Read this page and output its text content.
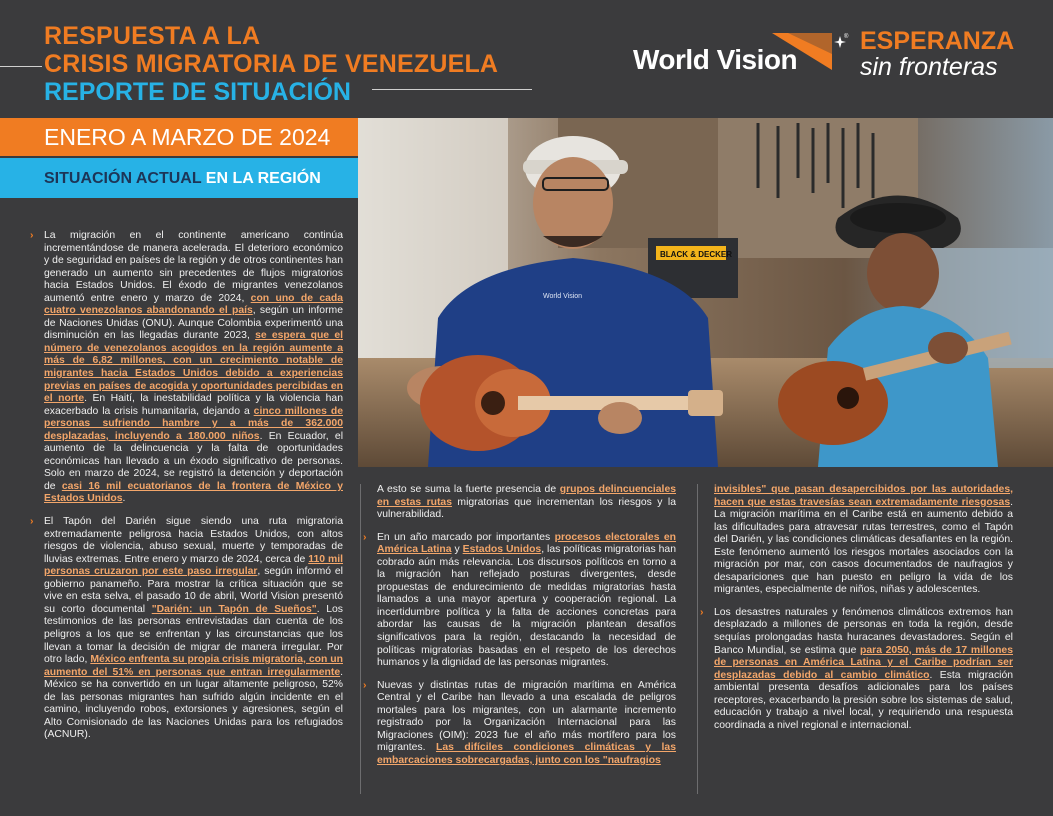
RESPUESTA A LA
CRISIS MIGRATORIA DE VENEZUELA
REPORTE DE SITUACIÓN
World Vision
® ESPERANZA
sin fronteras
ENERO A MARZO DE 2024
SITUACIÓN ACTUAL EN LA REGIÓN
BLACK & DECKER
World Vision

› La migración en el continente americano continúa incrementándose de manera acelerada. El deterioro económico y de seguridad en países de la región y de otros continentes han generado un aumento sin precedentes de flujos migratorios hacia Estados Unidos. El éxodo de migrantes venezolanos aumentó entre enero y marzo de 2024, con uno de cada cuatro venezolanos abandonando el país, según un informe de Naciones Unidas (ONU). Aunque Colombia experimentó una disminución en las llegadas durante 2023, se espera que el número de venezolanos acogidos en la región aumente a más de 6,82 millones, con un crecimiento notable de migrantes hacia Estados Unidos debido a experiencias previas en países de acogida y oportunidades percibidas en el norte. En Haití, la inestabilidad política y la violencia han exacerbado la crisis humanitaria, dejando a cinco millones de personas sufriendo hambre y a más de 362.000 desplazadas, incluyendo a 180.000 niños. En Ecuador, el aumento de la delincuencia y la falta de oportunidades económicas han llevado a un éxodo significativo de personas. Solo en marzo de 2024, se registró la detención y deportación de casi 16 mil ecuatorianos de la frontera de México y Estados Unidos.

› El Tapón del Darién sigue siendo una ruta migratoria extremadamente peligrosa hacia Estados Unidos, con altos riesgos de violencia, abuso sexual, muerte y temporadas de lluvias extremas. Entre enero y marzo de 2024, cerca de 110 mil personas cruzaron por este paso irregular, según informó el gobierno panameño. Para mostrar la crítica situación que se vive en esta selva, el pasado 10 de abril, World Vision presentó su corto documental "Darién: un Tapón de Sueños". Los testimonios de las personas entrevistadas dan cuenta de los peligros a los que se enfrentan y las circunstancias que los llevan a tomar la decisión de migrar de manera irregular. Por otro lado, México enfrenta su propia crisis migratoria, con un aumento del 51% en personas que entran irregularmente. México se ha convertido en un lugar altamente peligroso, 52% de las personas migrantes han sufrido algún incidente en el camino, incluyendo robos, extorsiones y agresiones, según el Alto Comisionado de las Naciones Unidas para los refugiados (ACNUR).

A esto se suma la fuerte presencia de grupos delincuenciales en estas rutas migratorias que incrementan los riesgos y la vulnerabilidad.

› En un año marcado por importantes procesos electorales en América Latina y Estados Unidos, las políticas migratorias han cobrado aún más relevancia. Los discursos políticos en torno a la migración han reflejado posturas divergentes, desde propuestas de endurecimiento de medidas migratorias hasta llamados a una mayor apertura y cooperación regional. La incertidumbre política y la falta de acciones concretas para abordar las causas de la migración plantean desafíos significativos para la región, destacando la necesidad de políticas migratorias basadas en el respeto de los derechos humanos y la dignidad de las personas migrantes.

› Nuevas y distintas rutas de migración marítima en América Central y el Caribe han llevado a una escalada de peligros mortales para los migrantes, con un alarmante incremento registrado por la Organización Internacional para las Migraciones (OIM): 2023 fue el año más mortífero para los migrantes. Las difíciles condiciones climáticas y las embarcaciones sobrecargadas, junto con los "naufragios

invisibles" que pasan desapercibidos por las autoridades, hacen que estas travesías sean extremadamente riesgosas. La migración marítima en el Caribe está en aumento debido a las dificultades para atravesar rutas terrestres, como el Tapón del Darién, y las condiciones climáticas desafiantes en la región. Este fenómeno aumentó los riesgos mortales asociados con la migración por mar, con casos documentados de naufragios y desapariciones que han puesto en peligro la vida de los migrantes, especialmente de niños, niñas y adolescentes.

› Los desastres naturales y fenómenos climáticos extremos han desplazado a millones de personas en toda la región, desde sequías prolongadas hasta huracanes devastadores. Según el Banco Mundial, se estima que para 2050, más de 17 millones de personas en América Latina y el Caribe podrían ser desplazadas debido al cambio climático. Esta migración ambiental presenta desafíos adicionales para los países receptores, exacerbando la presión sobre los sistemas de salud, educación y trabajo a nivel local, y requiriendo una respuesta coordinada a nivel regional e internacional.
